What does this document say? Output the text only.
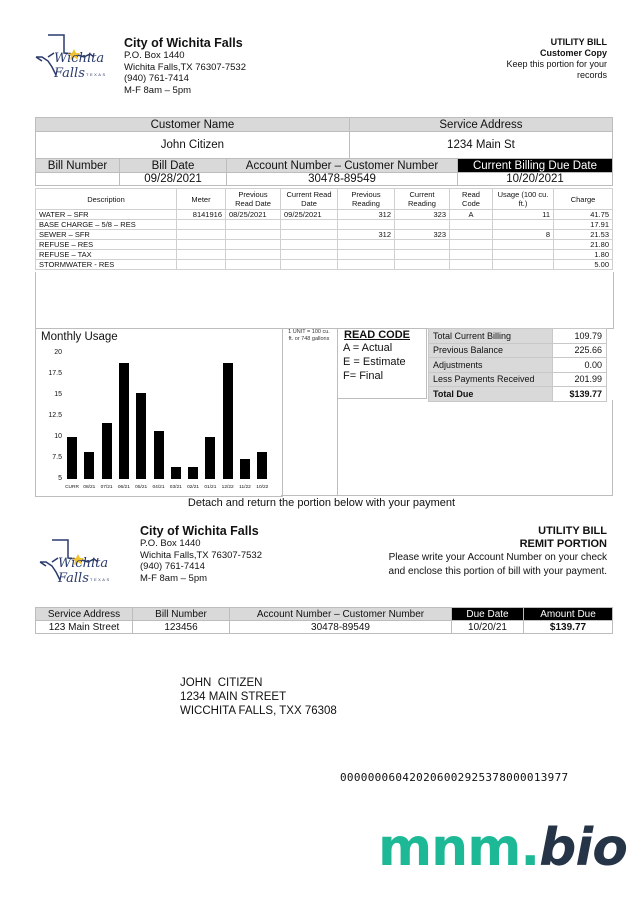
Wichita Falls TEXAS
City of Wichita Falls
P.O. Box 1440
Wichita Falls,TX 76307-7532
(940) 761-7414
M-F 8am – 5pm
UTILITY BILL
Customer Copy
Keep this portion for your
records
Customer Name			Service Address	
John Citizen			1234 Main St	
Bill Number	Bill Date	Account Number – Customer Number		Current Billing Due Date
	09/28/2021	30478-89549		10/20/2021
Description	Meter	Previous Read Date	Current Read Date	Previous Reading	Current Reading	Read Code	Usage (100 cu. ft.)	Charge
WATER – SFR	8141916	08/25/2021	09/25/2021	312	323	A	11	41.75
BASE CHARGE – 5/8 – RES								17.91
SEWER – SFR				312	323		8	21.53
REFUSE – RES								21.80
REFUSE – TAX								1.80
STORMWATER - RES								5.00
Monthly Usage
20
17.5
15
12.5
10
7.5
5
CURR 08/21	07/21	06/21	05/21	04/21	03/21	02/21	01/21	12/22	11/22	10/22
1 UNIT = 100 cu. ft. or 748 gallons	READ CODE
A = Actual
E = Estimate
F= Final
Total Current Billing	109.79
Previous Balance	225.66
Adjustments	0.00
Less Payments Received	201.99
Total Due	$139.77
Detach and return the portion below with your payment
Wichita Falls TEXAS
City of Wichita Falls
P.O. Box 1440
Wichita Falls,TX 76307-7532
(940) 761-7414
M-F 8am – 5pm
UTILITY BILL
REMIT PORTION
Please write your Account Number on your check
and enclose this portion of bill with your payment.
Service Address	Bill Number	Account Number – Customer Number	Due Date	Amount Due
123 Main Street	123456	30478-89549	10/20/21	$139.77
JOHN  CITIZEN
1234 MAIN STREET
WICCHITA FALLS, TXX 76308
000000060420206002925378000013977
mnm.bio
